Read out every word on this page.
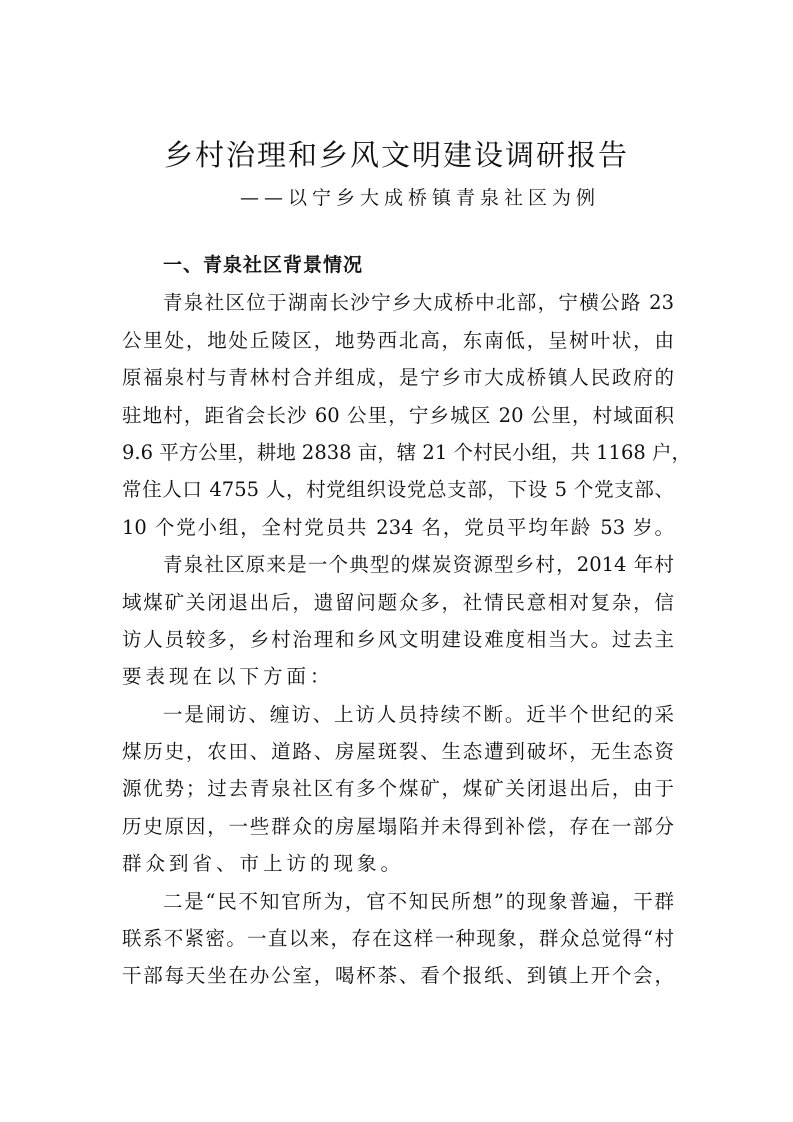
乡村治理和乡风文明建设调研报告
——以宁乡大成桥镇青泉社区为例
一、青泉社区背景情况
青泉社区位于湖南长沙宁乡大成桥中北部，宁横公路 23
公里处，地处丘陵区，地势西北高，东南低，呈树叶状，由
原福泉村与青林村合并组成，是宁乡市大成桥镇人民政府的
驻地村，距省会长沙 60 公里，宁乡城区 20 公里，村域面积
9.6 平方公里，耕地 2838 亩，辖 21 个村民小组，共 1168 户，
常住人口 4755 人，村党组织设党总支部，下设 5 个党支部、
10 个党小组，全村党员共 234 名，党员平均年龄 53 岁。
青泉社区原来是一个典型的煤炭资源型乡村，2014 年村
域煤矿关闭退出后，遗留问题众多，社情民意相对复杂，信
访人员较多，乡村治理和乡风文明建设难度相当大。过去主
要表现在以下方面：
一是闹访、缠访、上访人员持续不断。近半个世纪的采
煤历史，农田、道路、房屋斑裂、生态遭到破坏，无生态资
源优势；过去青泉社区有多个煤矿，煤矿关闭退出后，由于
历史原因，一些群众的房屋塌陷并未得到补偿，存在一部分
群众到省、市上访的现象。
二是“民不知官所为，官不知民所想”的现象普遍，干群
联系不紧密。一直以来，存在这样一种现象，群众总觉得“村
干部每天坐在办公室，喝杯茶、看个报纸、到镇上开个会，
